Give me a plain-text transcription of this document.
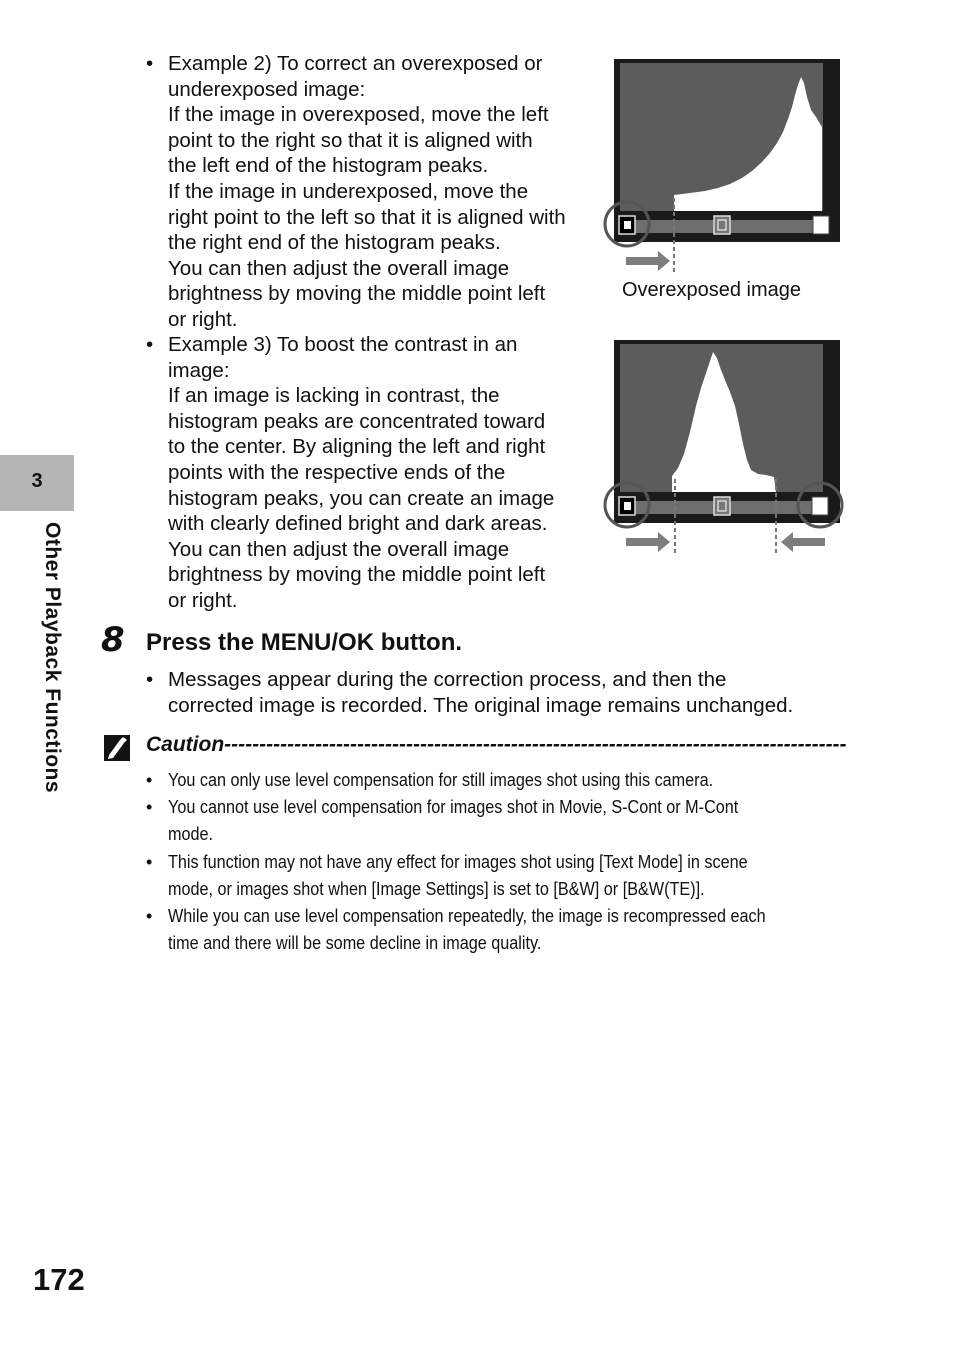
3
Other Playback Functions
• Example 2) To correct an overexposed or
underexposed image:
If the image in overexposed, move the left
point to the right so that it is aligned with
the left end of the histogram peaks.
If the image in underexposed, move the
right point to the left so that it is aligned with
the right end of the histogram peaks.
You can then adjust the overall image
brightness by moving the middle point left
or right.
Overexposed image
• Example 3) To boost the contrast in an
image:
If an image is lacking in contrast, the
histogram peaks are concentrated toward
to the center. By aligning the left and right
points with the respective ends of the
histogram peaks, you can create an image
with clearly defined bright and dark areas.
You can then adjust the overall image
brightness by moving the middle point left
or right.
8 Press the MENU/OK button.
• Messages appear during the correction process, and then the
corrected image is recorded. The original image remains unchanged.
Caution-----------------------------------------------------------------------------------------
• You can only use level compensation for still images shot using this camera.
• You cannot use level compensation for images shot in Movie, S-Cont or M-Cont
mode.
• This function may not have any effect for images shot using [Text Mode] in scene
mode, or images shot when [Image Settings] is set to [B&W] or [B&W(TE)].
• While you can use level compensation repeatedly, the image is recompressed each
time and there will be some decline in image quality.
172
